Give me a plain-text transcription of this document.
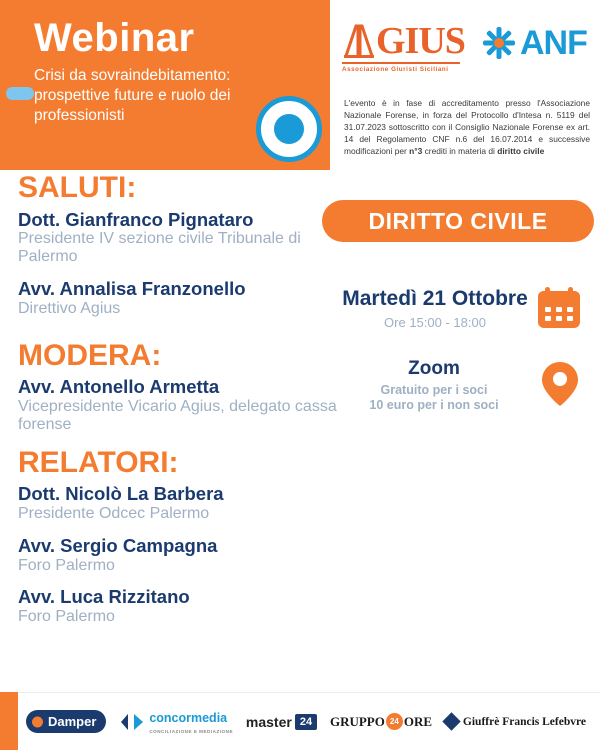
Webinar
Crisi da sovraindebitamento: prospettive future e ruolo dei professionisti
GIUS
Associazione Giuristi Siciliani
ANF
L'evento è in fase di accreditamento presso l'Associazione Nazionale Forense, in forza del Protocollo d'Intesa n. 5119 del 31.07.2023 sottoscritto con il Consiglio Nazionale Forense ex art. 14 del Regolamento CNF n.6 del 16.07.2014 e successive modificazioni per n°3 crediti in materia di diritto civile
DIRITTO CIVILE
SALUTI:
Dott. Gianfranco Pignataro
Presidente IV sezione civile Tribunale di Palermo
Avv. Annalisa Franzonello
Direttivo Agius
MODERA:
Avv. Antonello Armetta
Vicepresidente Vicario Agius, delegato cassa forense
RELATORI:
Dott. Nicolò La Barbera
Presidente Odcec Palermo
Avv. Sergio Campagna
Foro Palermo
Avv. Luca Rizzitano
Foro Palermo
Martedì 21 Ottobre
Ore 15:00 - 18:00
Zoom
Gratuito per i soci
10 euro per i non soci
Damper	concormedia
CONCILIAZIONE E MEDIAZIONE
master 24	GRUPPO 24 ORE	Giuffrè Francis Lefebvre
